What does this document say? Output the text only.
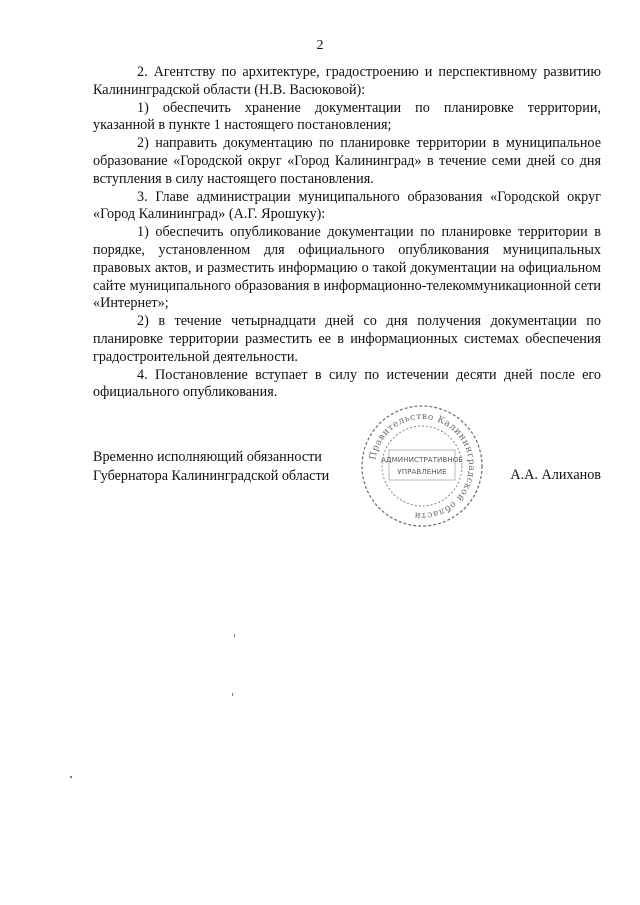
2

2. Агентству по архитектуре, градостроению и перспективному развитию Калининградской области (Н.В. Васюковой):

1) обеспечить хранение документации по планировке территории, указанной в пункте 1 настоящего постановления;

2) направить документацию по планировке территории в муниципальное образование «Городской округ «Город Калининград» в течение семи дней со дня вступления в силу настоящего постановления.

3. Главе администрации муниципального образования «Городской округ «Город Калининград» (А.Г. Ярошуку):

1) обеспечить опубликование документации по планировке территории в порядке, установленном для официального опубликования муниципальных правовых актов, и разместить информацию о такой документации на официальном сайте муниципального образования в информационно-телекоммуникационной сети «Интернет»;

2) в течение четырнадцати дней со дня получения документации по планировке территории разместить ее в информационных системах обеспечения градостроительной деятельности.

4. Постановление вступает в силу по истечении десяти дней после его официального опубликования.

Временно исполняющий обязанности
Губернатора Калининградской области	А.А. Алиханов
Правительство Калининградской области
АДМИНИСТРАТИВНОЕ
УПРАВЛЕНИЕ
